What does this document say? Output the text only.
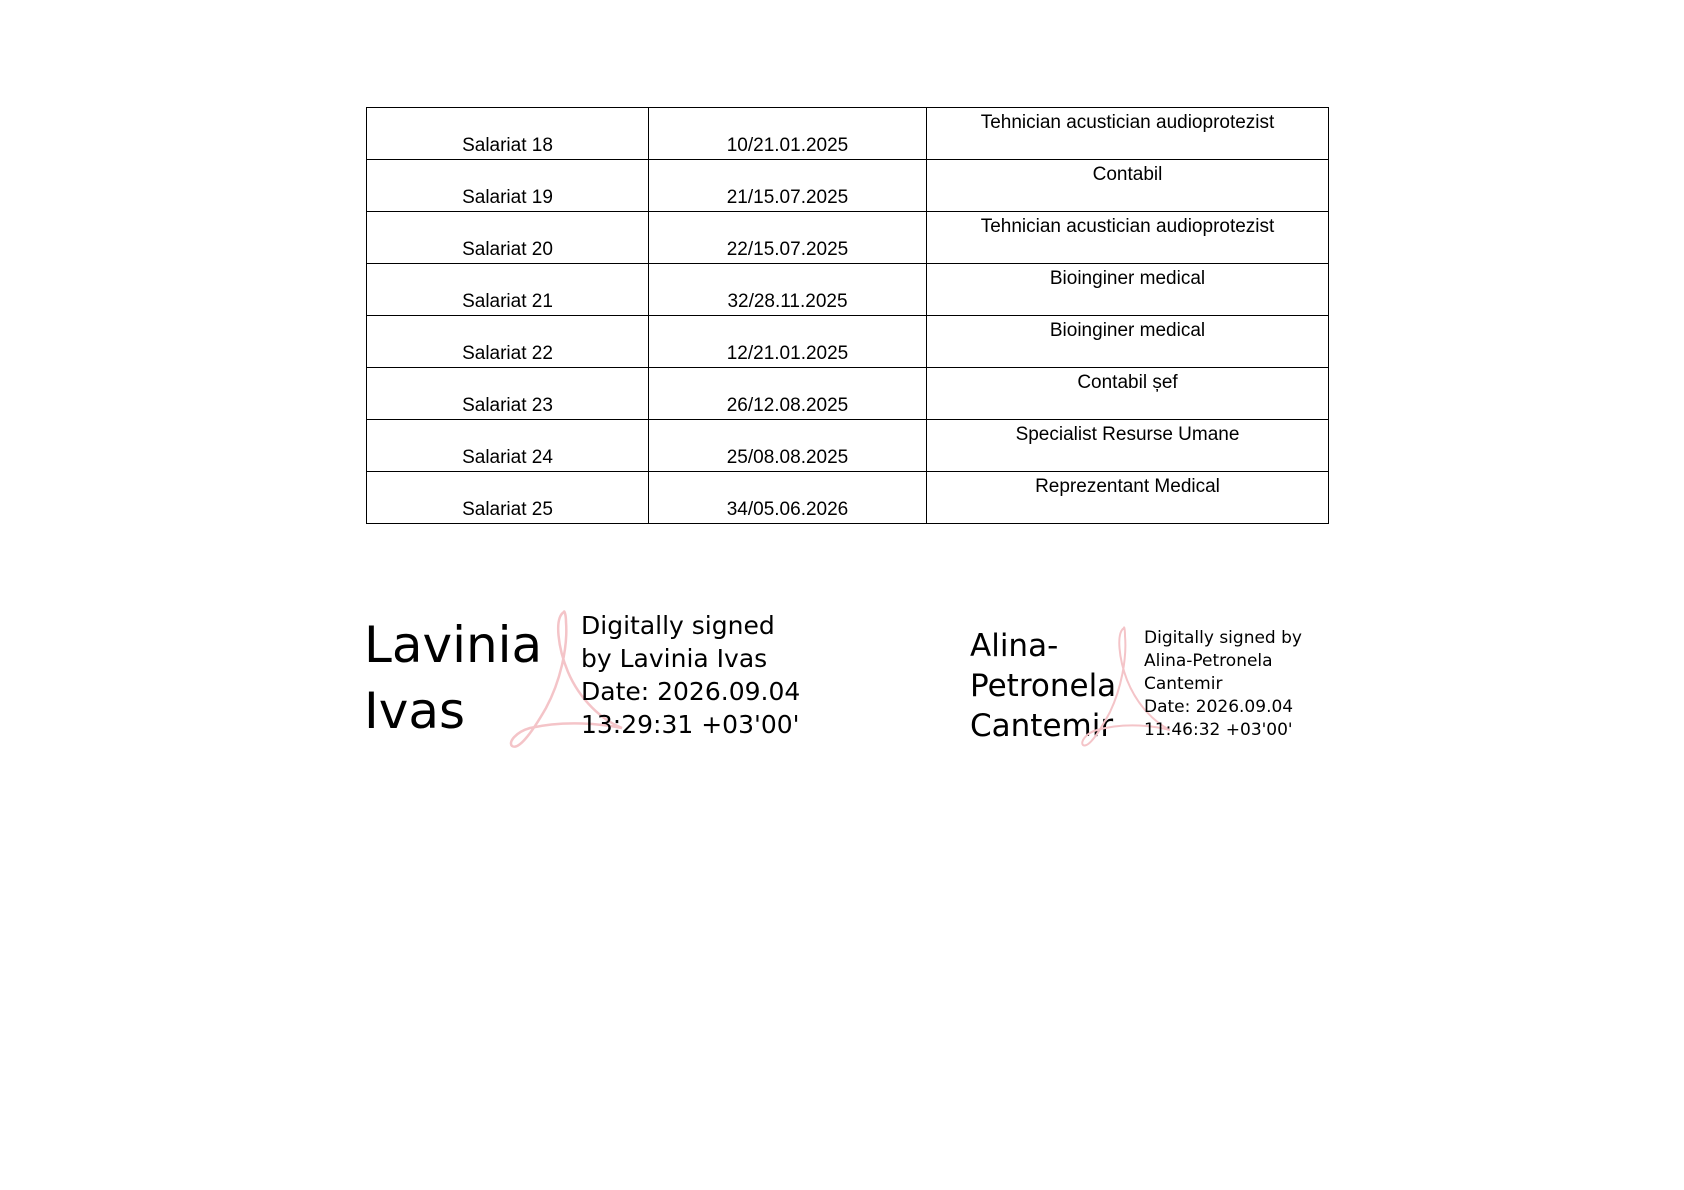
Salariat 18	10/21.01.2025	Tehnician acustician audioprotezist

Salariat 19	21/15.07.2025	Contabil

Salariat 20	22/15.07.2025	Tehnician acustician audioprotezist

Salariat 21	32/28.11.2025	Bioinginer medical

Salariat 22	12/21.01.2025	Bioinginer medical

Salariat 23	26/12.08.2025	Contabil șef

Salariat 24	25/08.08.2025	Specialist Resurse Umane

Salariat 25	34/05.06.2026	Reprezentant Medical
Lavinia
Ivas
Digitally signed
by Lavinia Ivas
Date: 2026.09.04
13:29:31 +03'00'
Alina-
Petronela
Cantemir
Digitally signed by
Alina-Petronela
Cantemir
Date: 2026.09.04
11:46:32 +03'00'
